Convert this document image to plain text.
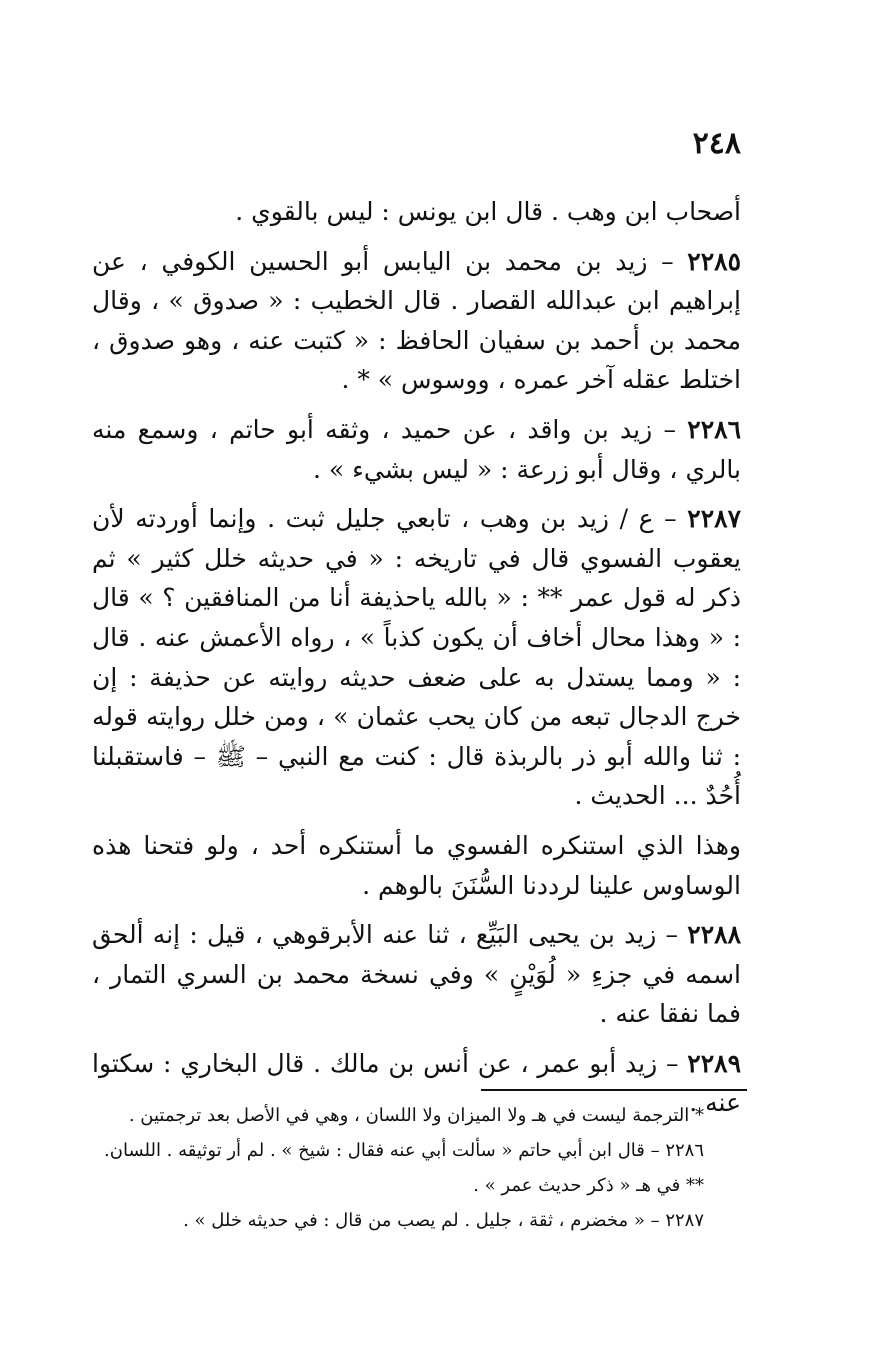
٢٤٨

أصحاب ابن وهب . قال ابن يونس : ليس بالقوي .

٢٢٨٥ – زيد بن محمد بن اليابس أبو الحسين الكوفي ، عن إبراهيم ابن عبدالله القصار . قال الخطيب : « صدوق » ، وقال محمد بن أحمد بن سفيان الحافظ : « كتبت عنه ، وهو صدوق ، اختلط عقله آخر عمره ، ووسوس » * .

٢٢٨٦ – زيد بن واقد ، عن حميد ، وثقه أبو حاتم ، وسمع منه بالري ، وقال أبو زرعة : « ليس بشيء » .

٢٢٨٧ – ع / زيد بن وهب ، تابعي جليل ثبت . وإنما أوردته لأن يعقوب الفسوي قال في تاريخه : « في حديثه خلل كثير » ثم ذكر له قول عمر ** : « بالله ياحذيفة أنا من المنافقين ؟ » قال : « وهذا محال أخاف أن يكون كذباً » ، رواه الأعمش عنه . قال : « ومما يستدل به على ضعف حديثه روايته عن حذيفة : إن خرج الدجال تبعه من كان يحب عثمان » ، ومن خلل روايته قوله : ثنا والله أبو ذر بالربذة قال : كنت مع النبي – ﷺ – فاستقبلنا أُحُدٌ ... الحديث .

وهذا الذي استنكره الفسوي ما أستنكره أحد ، ولو فتحنا هذه الوساوس علينا لرددنا السُّنَنَ بالوهم .

٢٢٨٨ – زيد بن يحيى البَيِّع ، ثنا عنه الأبرقوهي ، قيل : إنه ألحق اسمه في جزءِ « لُوَيْنٍ » وفي نسخة محمد بن السري التمار ، فما نفقا عنه .

٢٢٨٩ – زيد أبو عمر ، عن أنس بن مالك . قال البخاري : سكتوا عنه .

* الترجمة ليست في هـ ولا الميزان ولا اللسان ، وهي في الأصل بعد ترجمتين .

٢٢٨٦ – قال ابن أبي حاتم « سألت أبي عنه فقال : شيخ » . لم أر توثيقه . اللسان.

** في هـ « ذكر حديث عمر » .

٢٢٨٧ – « مخضرم ، ثقة ، جليل . لم يصب من قال : في حديثه خلل » .
